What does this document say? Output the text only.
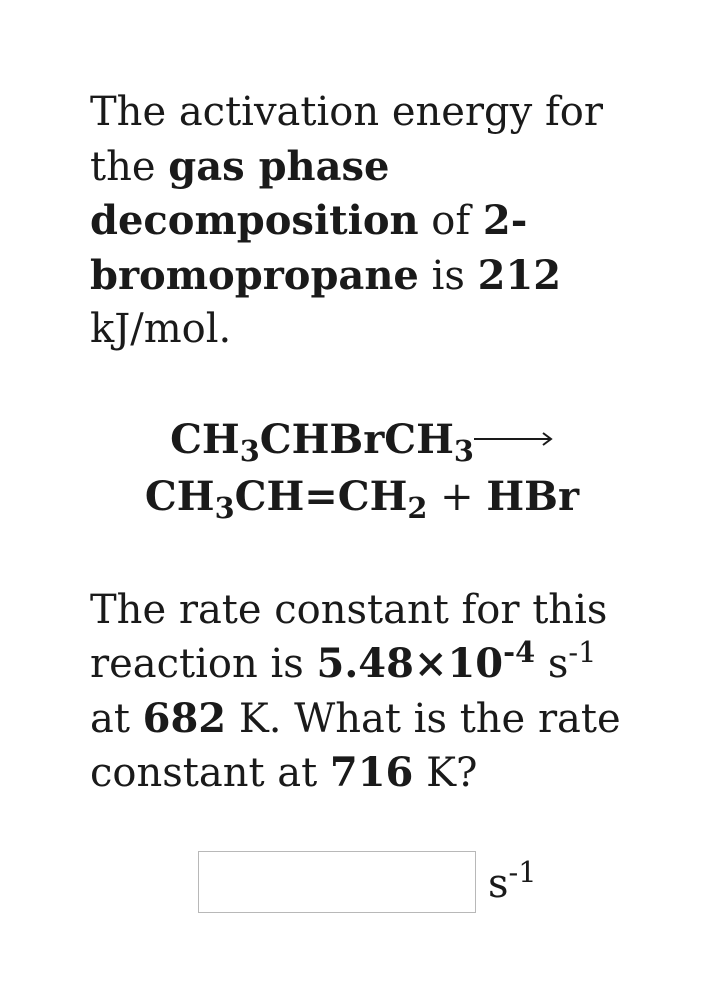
The activation energy for the gas phase decomposition of 2-bromopropane is 212 kJ/mol.

$CH_3CHBrCH_3\to$
$CH_3CH=CH_2$ + HBr

The rate constant for this reaction is $5.48\times 10^{-4}$ $s^{-1}$ at 682 K. What is the rate constant at 716 K?

$s^{-1}$
